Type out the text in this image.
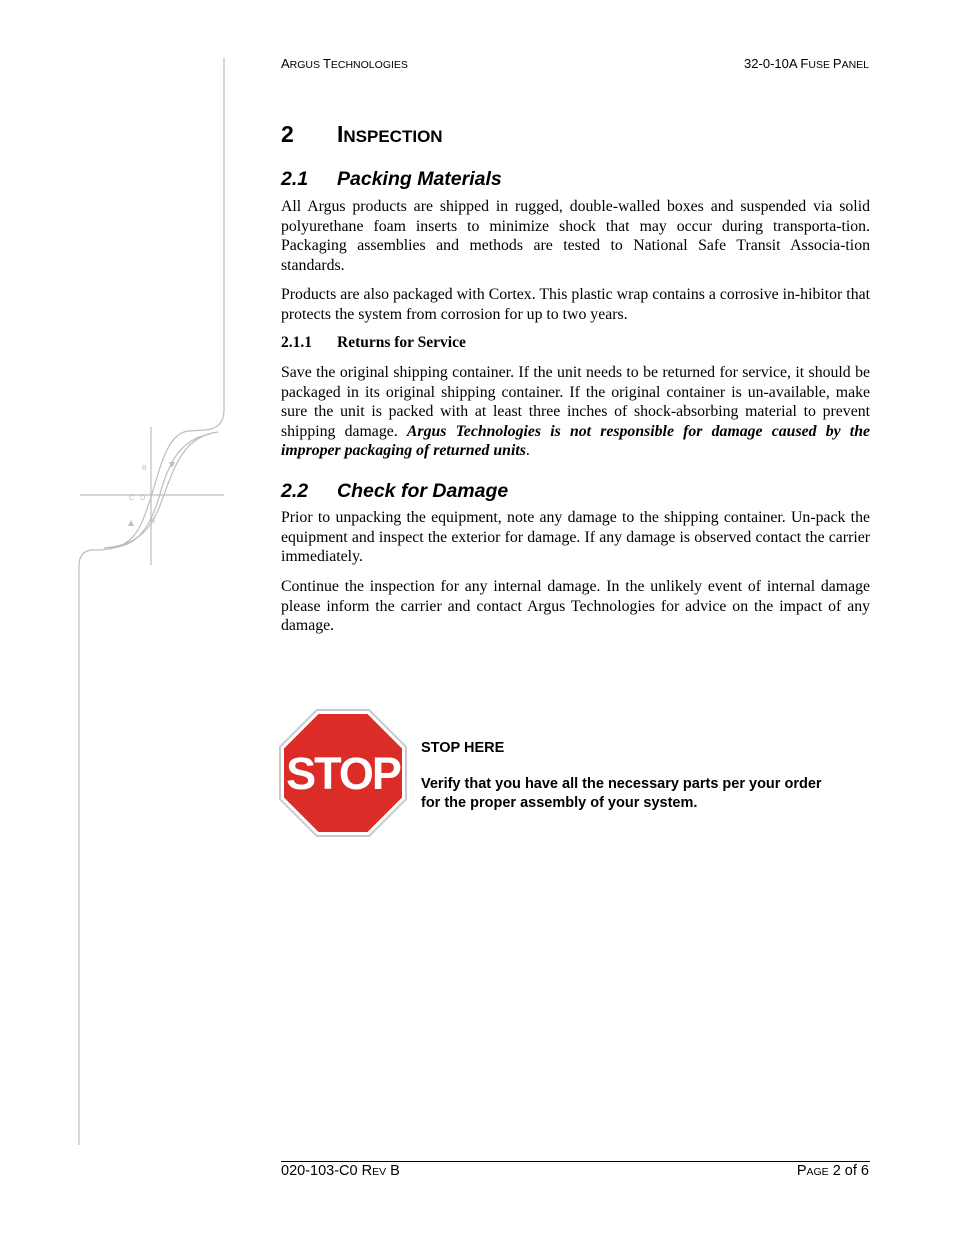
B
C O
E
ARGUS TECHNOLOGIES	32-0-10A FUSE PANEL
2 INSPECTION
2.1 Packing Materials

All Argus products are shipped in rugged, double-walled boxes and suspended via solid polyurethane foam inserts to minimize shock that may occur during transporta-tion. Packaging assemblies and methods are tested to National Safe Transit Associa-tion standards.

Products are also packaged with Cortex. This plastic wrap contains a corrosive in-hibitor that protects the system from corrosion for up to two years.

2.1.1 Returns for Service

Save the original shipping container. If the unit needs to be returned for service, it should be packaged in its original shipping container. If the original container is un-available, make sure the unit is packed with at least three inches of shock-absorbing material to prevent shipping damage. Argus Technologies is not responsible for damage caused by the improper packaging of returned units.

2.2 Check for Damage

Prior to unpacking the equipment, note any damage to the shipping container. Un-pack the equipment and inspect the exterior for damage. If any damage is observed contact the carrier immediately.

Continue the inspection for any internal damage. In the unlikely event of internal damage please inform the carrier and contact Argus Technologies for advice on the impact of any damage.

STOP STOP HERE
Verify that you have all the necessary parts per your order for the proper assembly of your system.
020-103-C0 REV B	PAGE 2 of 6
